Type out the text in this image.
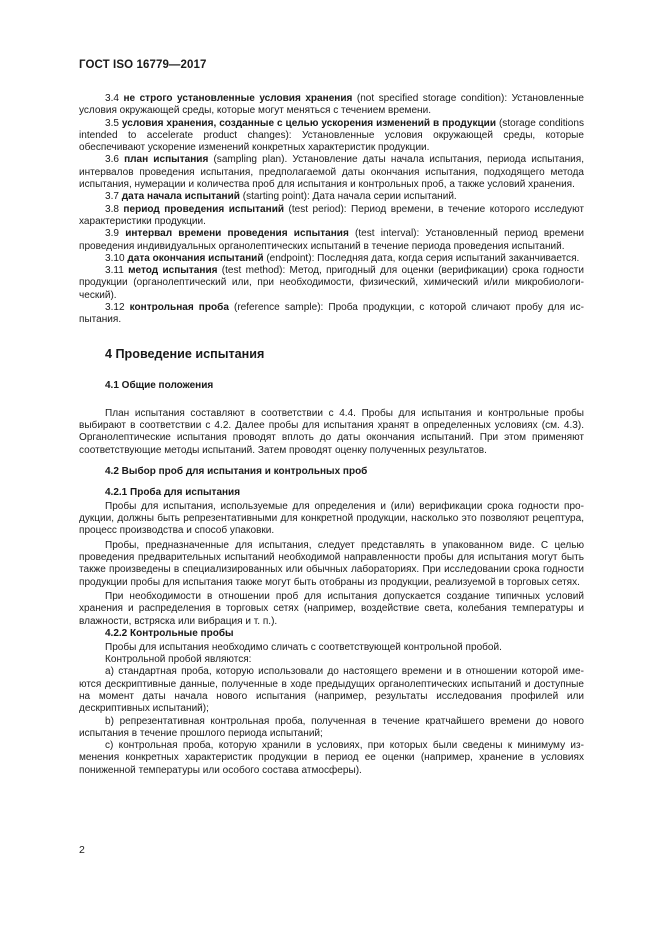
ГОСТ ISO 16779—2017

3.4 не строго установленные условия хранения (not specified storage condition): Установленные условия окружающей среды, которые могут меняться с течением времени.

3.5 условия хранения, созданные с целью ускорения изменений в продукции (storage conditions intended to accelerate product changes): Установленные условия окружающей среды, которые обеспечивают ускорение изменений конкретных характеристик продукции.

3.6 план испытания (sampling plan). Установление даты начала испытания, периода испытания, интервалов проведения испытания, предполагаемой даты окончания испытания, подходящего метода испытания, нумерации и количества проб для испытания и контрольных проб, а также условий хранения.

3.7 дата начала испытаний (starting point): Дата начала серии испытаний.

3.8 период проведения испытаний (test period): Период времени, в течение которого исследуют характеристики продукции.

3.9 интервал времени проведения испытания (test interval): Установленный период времени проведения индивидуальных органолептических испытаний в течение периода проведения испытаний.

3.10 дата окончания испытаний (endpoint): Последняя дата, когда серия испытаний заканчивается.

3.11 метод испытания (test method): Метод, пригодный для оценки (верификации) срока годности продукции (органолептический или, при необходимости, физический, химический и/или микробиологический).

3.12 контрольная проба (reference sample): Проба продукции, с которой сличают пробу для испытания.

4 Проведение испытания
4.1 Общие положения

План испытания составляют в соответствии с 4.4. Пробы для испытания и контрольные пробы выбирают в соответствии с 4.2. Далее пробы для испытания хранят в определенных условиях (см. 4.3). Органолептические испытания проводят вплоть до даты окончания испытаний. При этом применяют соответствующие методы испытаний. Затем проводят оценку полученных результатов.

4.2 Выбор проб для испытания и контрольных проб
4.2.1 Проба для испытания

Пробы для испытания, используемые для определения и (или) верификации срока годности продукции, должны быть репрезентативными для конкретной продукции, насколько это позволяют рецептура, процесс производства и способ упаковки.

Пробы, предназначенные для испытания, следует представлять в упакованном виде. С целью проведения предварительных испытаний необходимой направленности пробы для испытания могут быть также произведены в специализированных или обычных лабораториях. При исследовании срока годности продукции пробы для испытания также могут быть отобраны из продукции, реализуемой в торговых сетях.

При необходимости в отношении проб для испытания допускается создание типичных условий хранения и распределения в торговых сетях (например, воздействие света, колебания температуры и влажности, встряска или вибрация и т. п.).

4.2.2 Контрольные пробы

Пробы для испытания необходимо сличать с соответствующей контрольной пробой.

Контрольной пробой являются:

а) стандартная проба, которую использовали до настоящего времени и в отношении которой имеются дескриптивные данные, полученные в ходе предыдущих органолептических испытаний и доступные на момент даты начала нового испытания (например, результаты исследования профилей или дескриптивных испытаний);

b) репрезентативная контрольная проба, полученная в течение кратчайшего времени до нового испытания в течение прошлого периода испытаний;

с) контрольная проба, которую хранили в условиях, при которых были сведены к минимуму изменения конкретных характеристик продукции в период ее оценки (например, хранение в условиях пониженной температуры или особого состава атмосферы).

2
